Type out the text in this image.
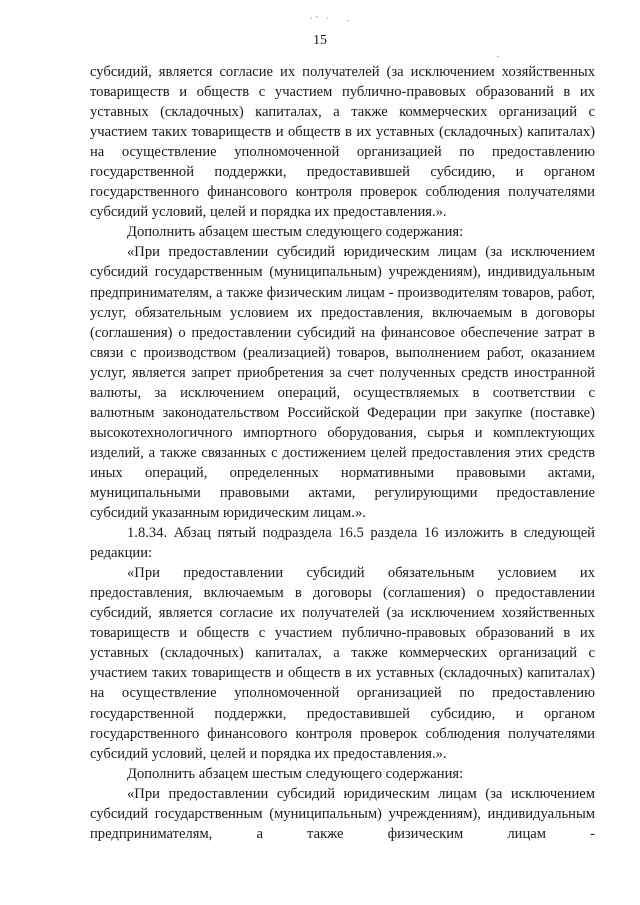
·‘ ·   .
15
.

субсидий, является согласие их получателей (за исключением хозяйственных товариществ и обществ с участием публично-правовых образований в их уставных (складочных) капиталах, а также коммерческих организаций с участием таких товариществ и обществ в их уставных (складочных) капиталах) на осуществление уполномоченной организацией по предоставлению государственной поддержки, предоставившей субсидию, и органом государственного финансового контроля проверок соблюдения получателями субсидий условий, целей и порядка их предоставления.».

Дополнить абзацем шестым следующего содержания:

«При предоставлении субсидий юридическим лицам (за исключением субсидий государственным (муниципальным) учреждениям), индивидуальным предпринимателям, а также физическим лицам - производителям товаров, работ, услуг, обязательным условием их предоставления, включаемым в договоры (соглашения) о предоставлении субсидий на финансовое обеспечение затрат в связи с производством (реализацией) товаров, выполнением работ, оказанием услуг, является запрет приобретения за счет полученных средств иностранной валюты, за исключением операций, осуществляемых в соответствии с валютным законодательством Российской Федерации при закупке (поставке) высокотехнологичного импортного оборудования, сырья и комплектующих изделий, а также связанных с достижением целей предоставления этих средств иных операций, определенных нормативными правовыми актами, муниципальными правовыми актами, регулирующими предоставление субсидий указанным юридическим лицам.».

1.8.34. Абзац пятый подраздела 16.5 раздела 16 изложить в следующей редакции:

«При предоставлении субсидий обязательным условием их предоставления, включаемым в договоры (соглашения) о предоставлении субсидий, является согласие их получателей (за исключением хозяйственных товариществ и обществ с участием публично-правовых образований в их уставных (складочных) капиталах, а также коммерческих организаций с участием таких товариществ и обществ в их уставных (складочных) капиталах) на осуществление уполномоченной организацией по предоставлению государственной поддержки, предоставившей субсидию, и органом государственного финансового контроля проверок соблюдения получателями субсидий условий, целей и порядка их предоставления.».

Дополнить абзацем шестым следующего содержания:

«При предоставлении субсидий юридическим лицам (за исключением субсидий государственным (муниципальным) учреждениям), индивидуальным предпринимателям, а также физическим лицам -
